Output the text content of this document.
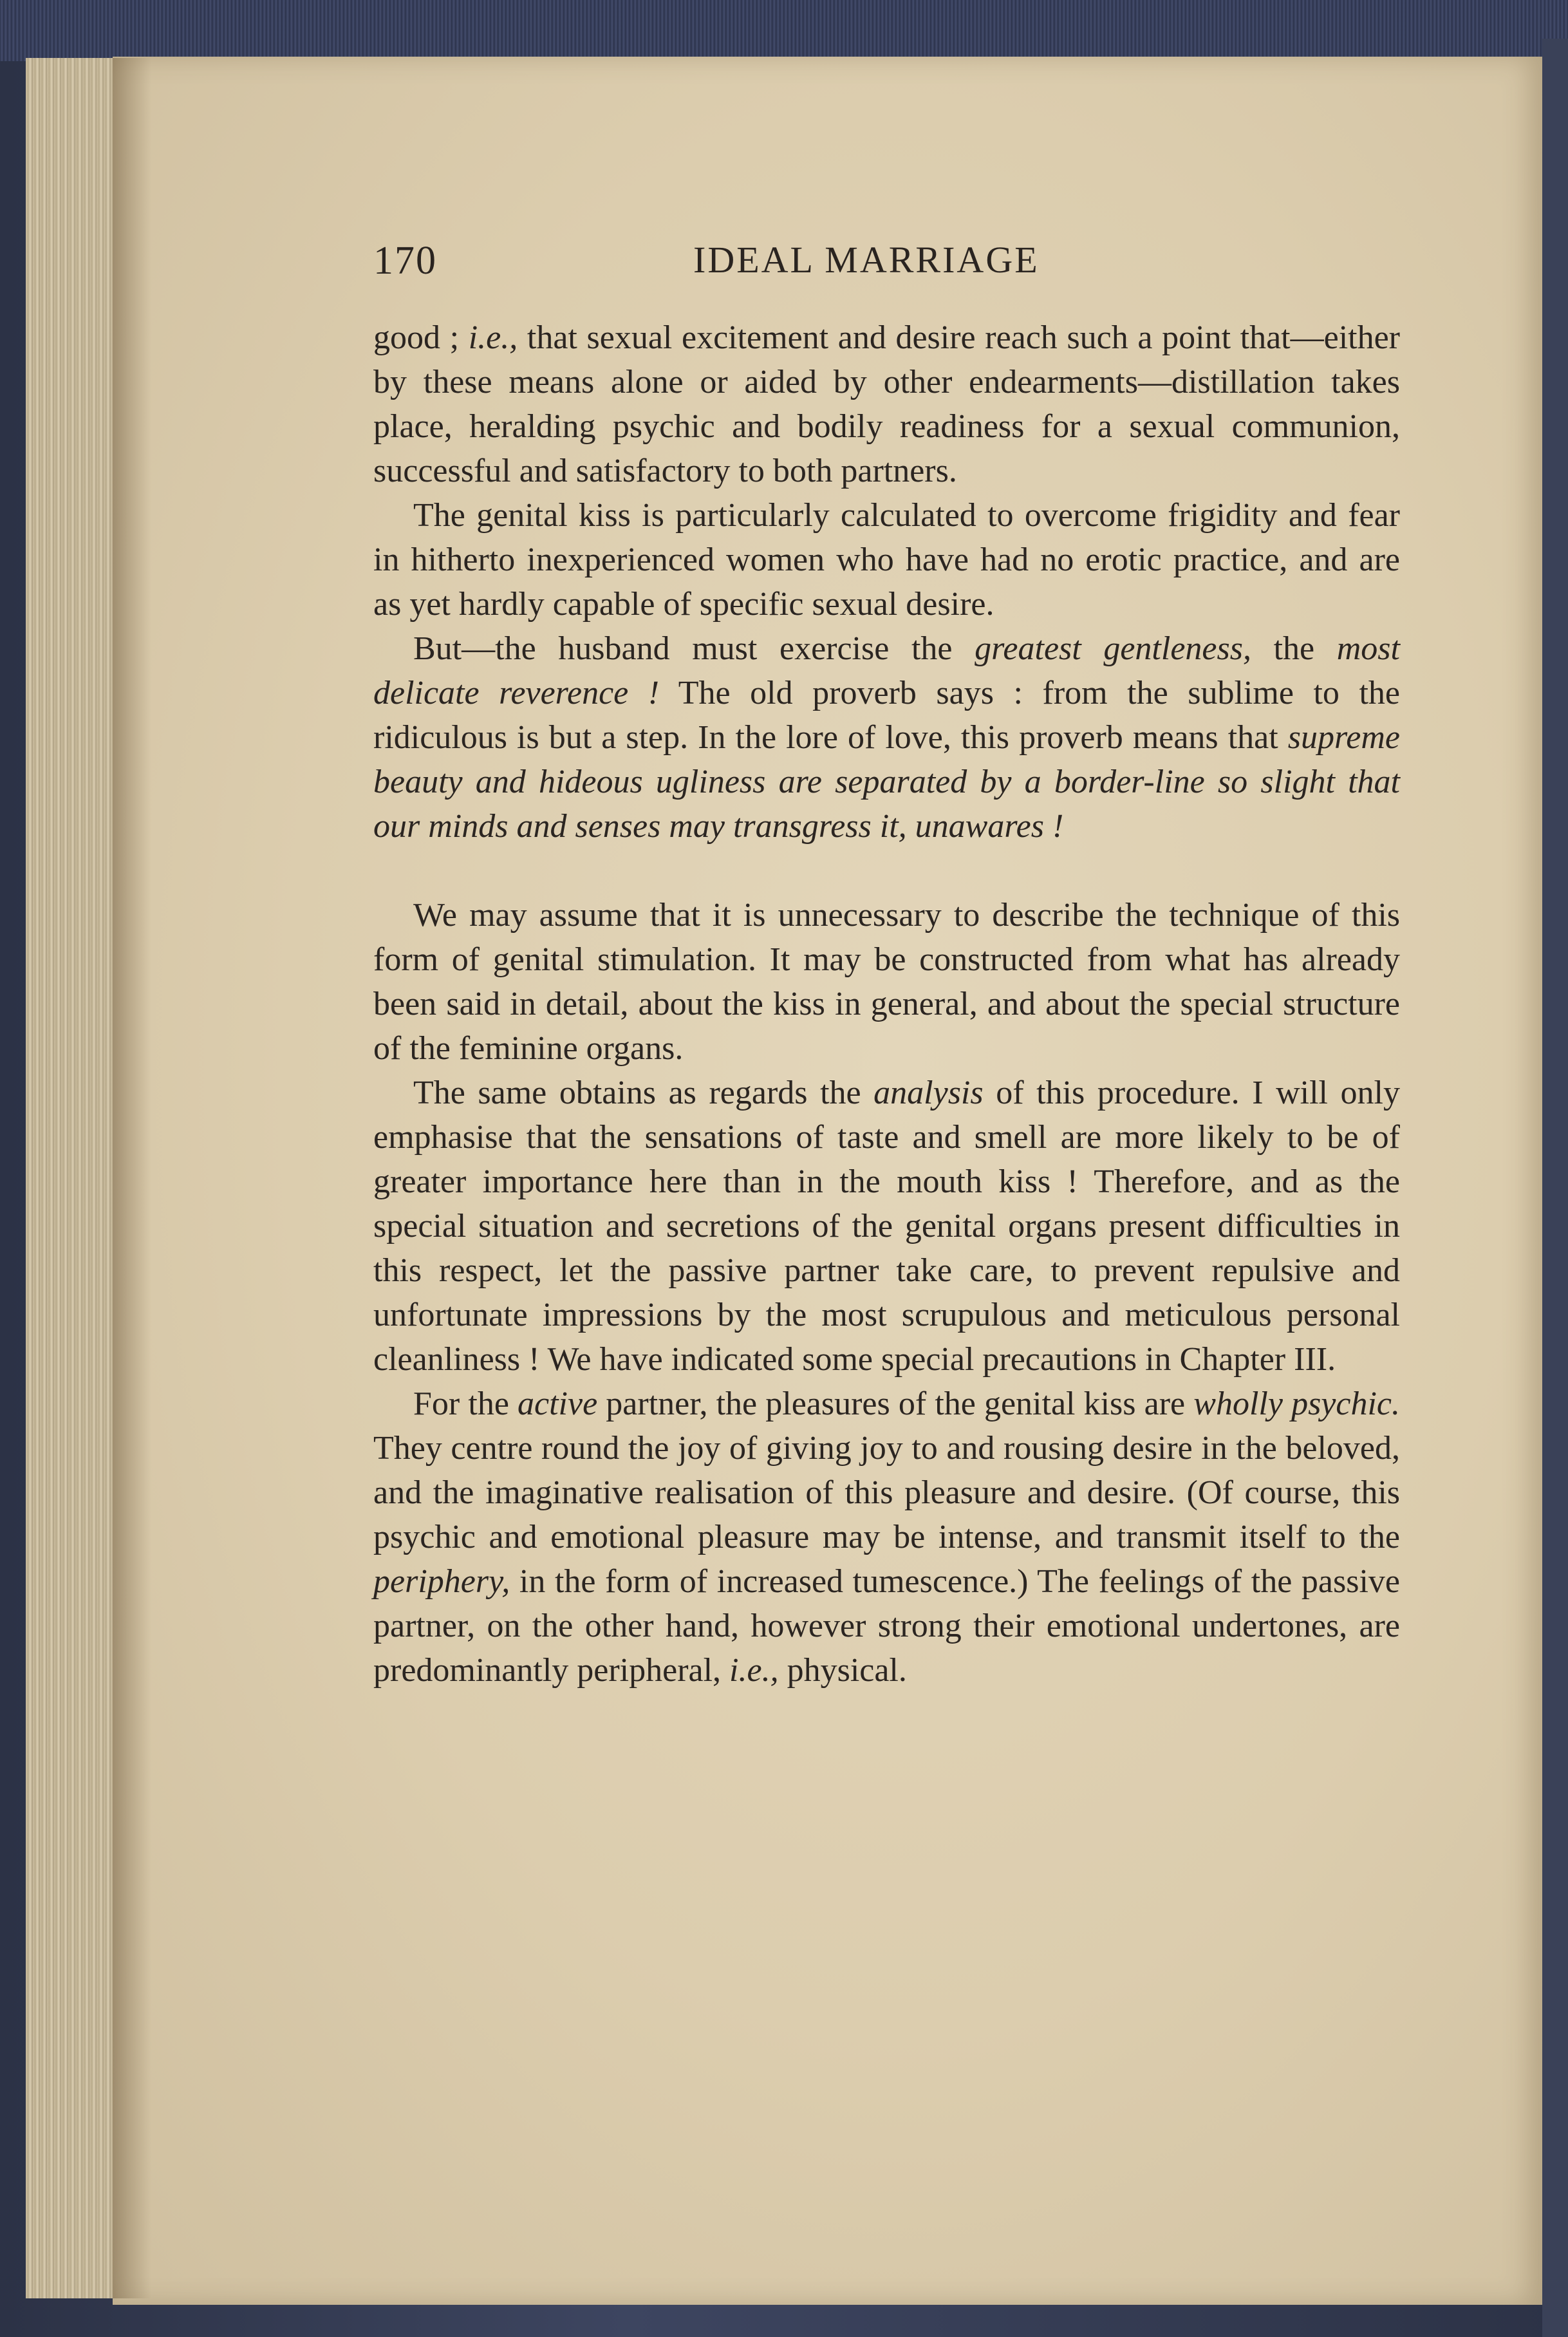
170	IDEAL MARRIAGE

good ; i.e., that sexual excitement and desire reach such a point that—either by these means alone or aided by other endearments—distillation takes place, heralding psychic and bodily readiness for a sexual communion, successful and satisfactory to both partners.

The genital kiss is particularly calculated to overcome frigidity and fear in hitherto inexperienced women who have had no erotic practice, and are as yet hardly capable of specific sexual desire.

But—the husband must exercise the greatest gentleness, the most delicate reverence ! The old proverb says : from the sublime to the ridiculous is but a step. In the lore of love, this proverb means that supreme beauty and hideous ugliness are separated by a border-line so slight that our minds and senses may transgress it, unawares !

We may assume that it is unnecessary to describe the technique of this form of genital stimulation. It may be constructed from what has already been said in detail, about the kiss in general, and about the special structure of the feminine organs.

The same obtains as regards the analysis of this procedure. I will only emphasise that the sensations of taste and smell are more likely to be of greater importance here than in the mouth kiss ! Therefore, and as the special situation and secretions of the genital organs present difficulties in this respect, let the passive partner take care, to prevent repulsive and unfortunate impressions by the most scrupulous and meticulous personal cleanliness ! We have indicated some special precautions in Chapter III.

For the active partner, the pleasures of the genital kiss are wholly psychic. They centre round the joy of giving joy to and rousing desire in the beloved, and the imaginative realisation of this pleasure and desire. (Of course, this psychic and emotional pleasure may be intense, and transmit itself to the periphery, in the form of increased tumescence.) The feelings of the passive partner, on the other hand, however strong their emotional undertones, are predominantly peripheral, i.e., physical.
